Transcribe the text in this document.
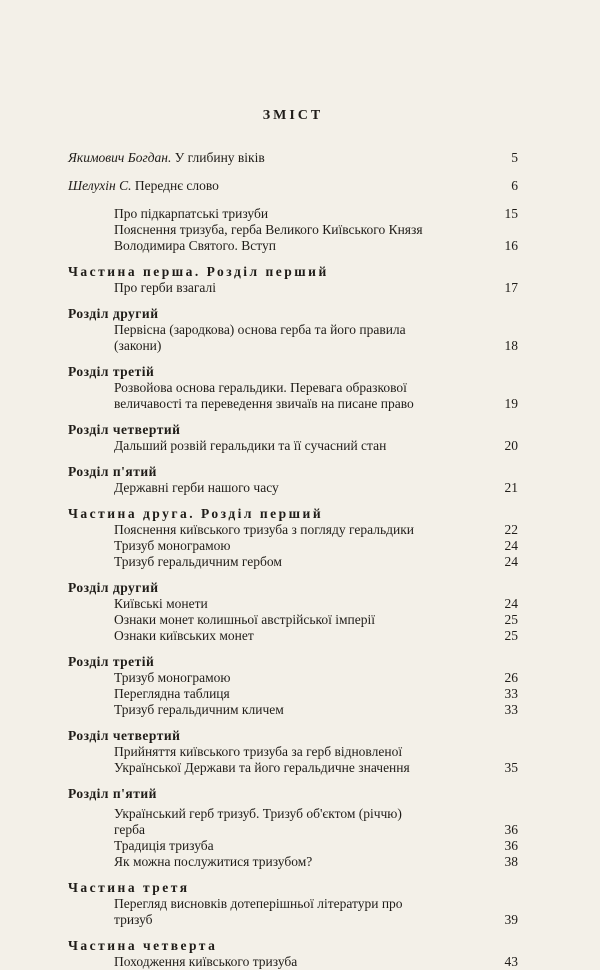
ЗМІСТ
Якимович Богдан. У глибину віків	5
Шелухін С. Переднє слово	6
Про підкарпатські тризуби	15
Пояснення тризуба, герба Великого Київського Князя
Володимира Святого. Вступ	16
Частина перша. Розділ перший
Про герби взагалі	17
Розділ другий
Первісна (зародкова) основа герба та його правила
(закони)	18
Розділ третій
Розвойова основа геральдики. Перевага образкової
величавості та переведення звичаїв на писане право	19
Розділ четвертий
Дальший розвій геральдики та її сучасний стан	20
Розділ п'ятий
Державні герби нашого часу	21
Частина друга. Розділ перший
Пояснення київського тризуба з погляду геральдики	22
Тризуб монограмою	24
Тризуб геральдичним гербом	24
Розділ другий
Київські монети	24
Ознаки монет колишньої австрійської імперії	25
Ознаки київських монет	25
Розділ третій
Тризуб монограмою	26
Переглядна таблиця	33
Тризуб геральдичним кличем	33
Розділ четвертий
Прийняття київського тризуба за герб відновленої
Української Держави та його геральдичне значення	35
Розділ п'ятий
Український герб тризуб. Тризуб об'єктом (річчю)
герба	36
Традиція тризуба	36
Як можна послужитися тризубом?	38
Частина третя
Перегляд висновків дотеперішньої літератури про
тризуб	39
Частина четверта
Походження київського тризуба	43
